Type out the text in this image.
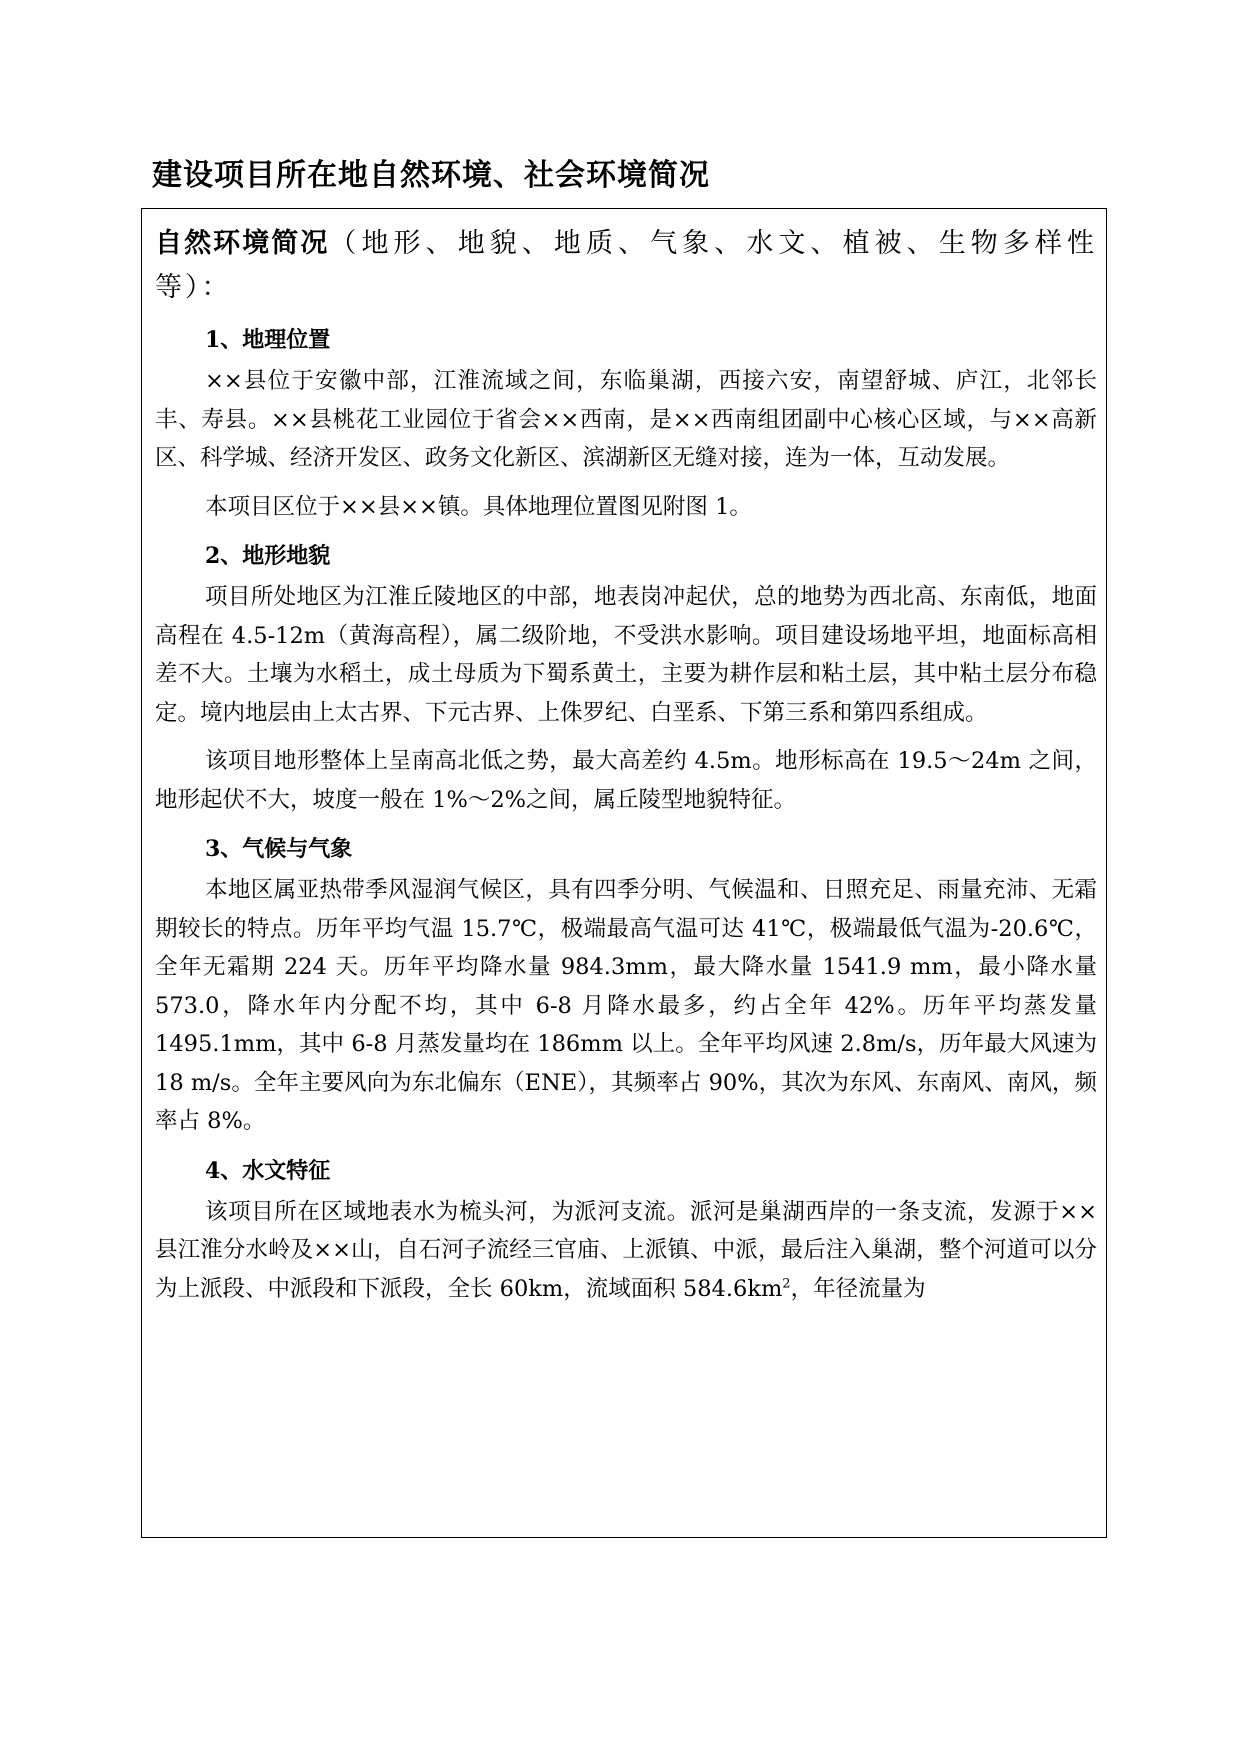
建设项目所在地自然环境、社会环境简况

自然环境简况（地形、地貌、地质、气象、水文、植被、生物多样性等）：

1、地理位置

××县位于安徽中部，江淮流域之间，东临巢湖，西接六安，南望舒城、庐江，北邻长丰、寿县。××县桃花工业园位于省会××西南，是××西南组团副中心核心区域，与××高新区、科学城、经济开发区、政务文化新区、滨湖新区无缝对接，连为一体，互动发展。

本项目区位于××县××镇。具体地理位置图见附图 1。

2、地形地貌

项目所处地区为江淮丘陵地区的中部，地表岗冲起伏，总的地势为西北高、东南低，地面高程在 4.5-12m（黄海高程），属二级阶地，不受洪水影响。项目建设场地平坦，地面标高相差不大。土壤为水稻土，成土母质为下蜀系黄土，主要为耕作层和粘土层，其中粘土层分布稳定。境内地层由上太古界、下元古界、上侏罗纪、白垩系、下第三系和第四系组成。

该项目地形整体上呈南高北低之势，最大高差约 4.5m。地形标高在 19.5～24m 之间，地形起伏不大，坡度一般在 1%～2%之间，属丘陵型地貌特征。

3、气候与气象

本地区属亚热带季风湿润气候区，具有四季分明、气候温和、日照充足、雨量充沛、无霜期较长的特点。历年平均气温 15.7℃，极端最高气温可达 41℃，极端最低气温为-20.6℃，全年无霜期 224 天。历年平均降水量 984.3mm，最大降水量 1541.9 mm，最小降水量 573.0，降水年内分配不均，其中 6-8 月降水最多，约占全年 42%。历年平均蒸发量 1495.1mm，其中 6-8 月蒸发量均在 186mm 以上。全年平均风速 2.8m/s，历年最大风速为 18 m/s。全年主要风向为东北偏东（ENE），其频率占 90%，其次为东风、东南风、南风，频率占 8%。

4、水文特征

该项目所在区域地表水为梳头河，为派河支流。派河是巢湖西岸的一条支流，发源于××县江淮分水岭及××山，自石河子流经三官庙、上派镇、中派，最后注入巢湖，整个河道可以分为上派段、中派段和下派段，全长 60km，流域面积 $584.6km^2$，年径流量为
